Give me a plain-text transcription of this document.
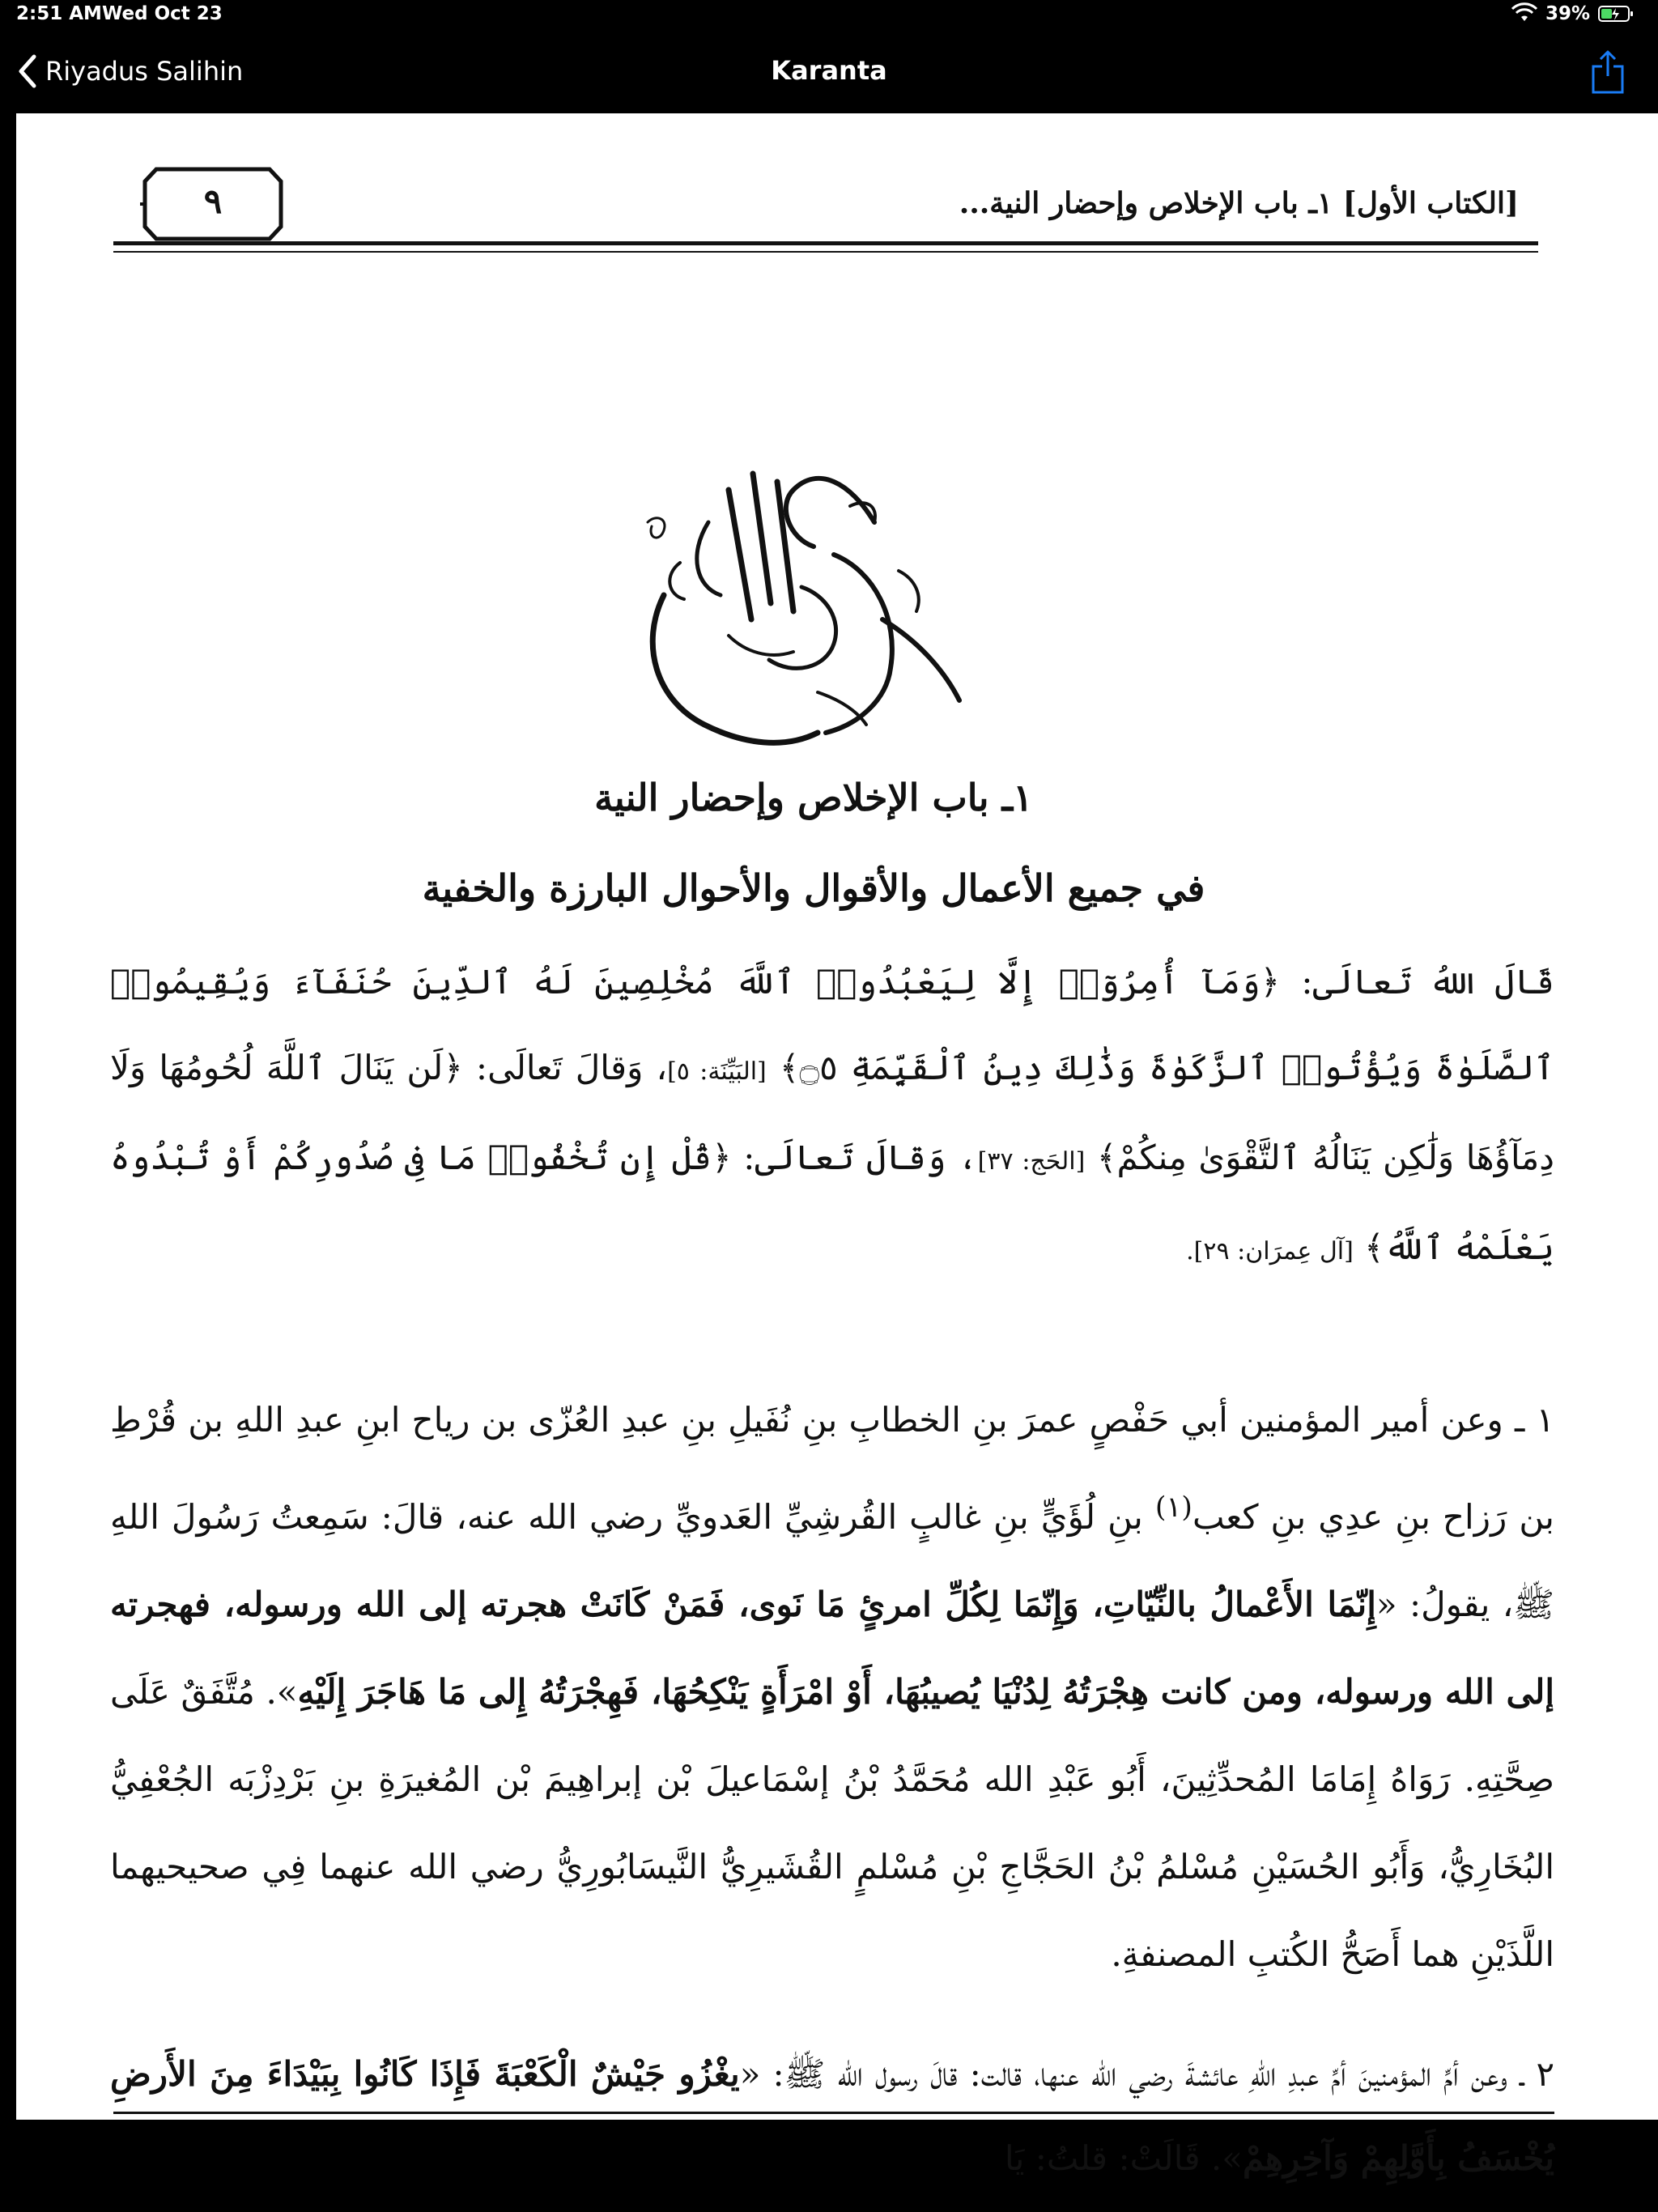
2:51 AM Wed Oct 23	39%
Riyadus Salihin	Karanta
٩	[الكتاب الأول] ١ـ باب الإخلاص وإحضار النية...
١ـ باب الإخلاص وإحضار النية
في جميع الأعمال والأقوال والأحوال البارزة والخفية
قَالَ اللهُ تَعالَى: ﴿وَمَآ أُمِرُوٓا۟ إِلَّا لِيَعْبُدُوا۟ ٱللَّهَ مُخْلِصِينَ لَهُ ٱلدِّينَ حُنَفَآءَ وَيُقِيمُوا۟ ٱلصَّلَوٰةَ وَيُؤْتُوا۟ ٱلزَّكَوٰةَ وَذَٰلِكَ دِينُ ٱلْقَيِّمَةِ ۝٥﴾ [البَيِّنَة: ٥]، وَقالَ تَعالَى: ﴿لَن يَنَالَ ٱللَّهَ لُحُومُهَا وَلَا دِمَآؤُهَا وَلَٰكِن يَنَالُهُ ٱلتَّقْوَىٰ مِنكُمْ﴾ [الحَج: ٣٧]، وَقالَ تَعالَى: ﴿قُلْ إِن تُخْفُوا۟ مَا فِى صُدُورِكُمْ أَوْ تُبْدُوهُ يَعْلَمْهُ ٱللَّهُ﴾ [آل عِمرَان: ٢٩].
١ ـ وعن أمير المؤمنين أبي حَفْصٍ عمرَ بنِ الخطابِ بنِ نُفَيلِ بنِ عبدِ العُزّى بن رياح ابنِ عبدِ اللهِ بن قُرْطِ بن رَزاح بنِ عدِي بنِ كعب$^{(١)}$ بنِ لُؤَيٍّ بنِ غالبٍ القُرشِيِّ العَدويِّ رضي الله عنه، قالَ: سَمِعتُ رَسُولَ اللهِ ﷺ، يقولُ: «إِنّمَا الأَعْمالُ بالنِّيّاتِ، وَإِنّمَا لِكُلِّ امرئٍ مَا نَوى، فَمَنْ كَانَتْ هجرته إلى الله ورسوله، فهجرته إلى الله ورسوله، ومن كانت هِجْرَتُهُ لِدُنْيَا يُصيبُهَا، أَوْ امْرَأَةٍ يَنْكِحُهَا، فَهِجْرَتُهُ إِلى مَا هَاجَرَ إِلَيْهِ». مُتَّفَقٌ عَلَى صِحَّتِهِ. رَوَاهُ إِمَامَا المُحدِّثِينَ، أَبُو عَبْدِ الله مُحَمَّدُ بْنُ إسْمَاعيلَ بْن إبراهِيمَ بْن المُغيرَةِ بنِ بَرْدِزْبَه الجُعْفِيُّ البُخَارِيُّ، وَأَبُو الحُسَيْنِ مُسْلمُ بْنُ الحَجَّاجِ بْنِ مُسْلمٍ القُشَيرِيُّ النَّيسَابُورِيُّ رضي الله عنهما فِي صحيحيهما اللَّذَيْنِ هما أَصَحُّ الكُتبِ المصنفةِ.
٢ ـ وعن أمِّ المؤمنينَ أمِّ عبدِ اللهِ عائشةَ رضي الله عنها، قالت: قالَ رسول الله ﷺ: «يغْزُو جَيْشٌ الْكَعْبَةَ فَإِذَا كَانُوا بِبَيْدَاءَ مِنَ الأَرضِ يُخْسَفُ بِأَوَّلِهِمْ وَآخِرِهِمْ». قَالَتْ: قلتُ: يَا
